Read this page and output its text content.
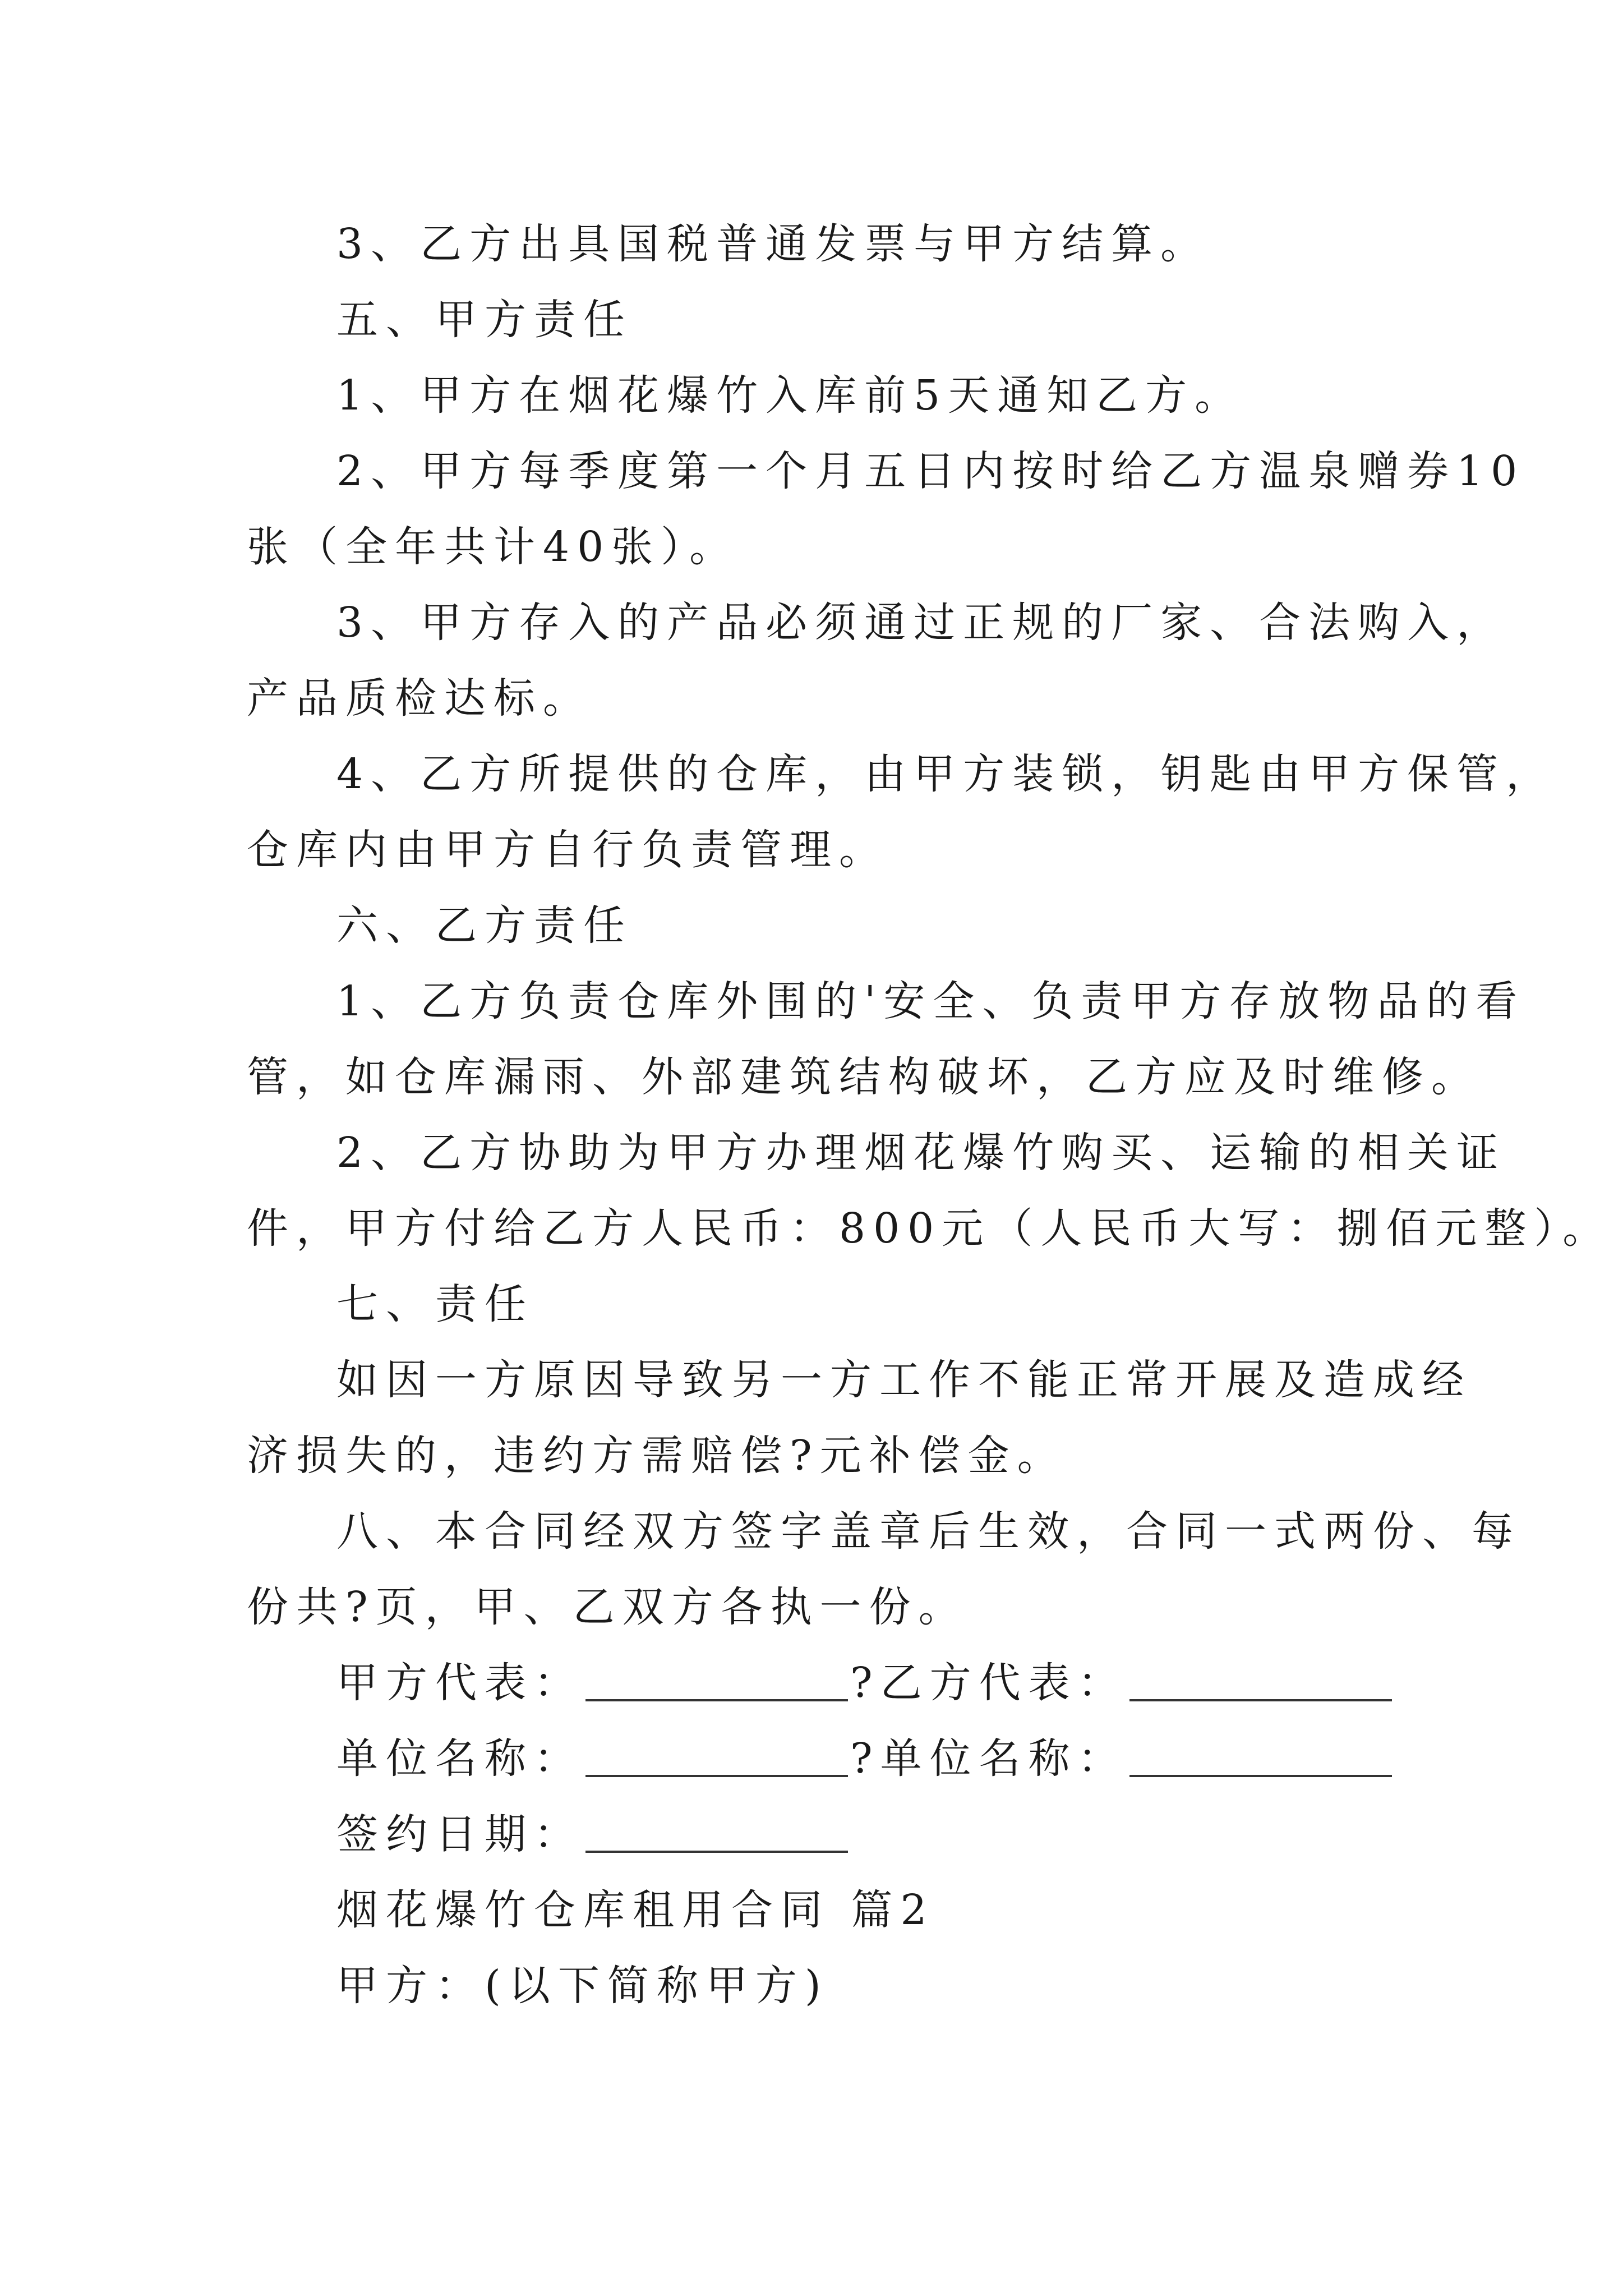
3、乙方出具国税普通发票与甲方结算。
五、甲方责任
1、甲方在烟花爆竹入库前5天通知乙方。
2、甲方每季度第一个月五日内按时给乙方温泉赠券10
张（全年共计40张）。
3、甲方存入的产品必须通过正规的厂家、合法购入，
产品质检达标。
4、乙方所提供的仓库，由甲方装锁，钥匙由甲方保管，
仓库内由甲方自行负责管理。
六、乙方责任
1、乙方负责仓库外围的'安全、负责甲方存放物品的看
管，如仓库漏雨、外部建筑结构破坏，乙方应及时维修。
2、乙方协助为甲方办理烟花爆竹购买、运输的相关证
件，甲方付给乙方人民币：800元（人民币大写：捌佰元整）。
七、责任
如因一方原因导致另一方工作不能正常开展及造成经
济损失的，违约方需赔偿?元补偿金。
八、本合同经双方签字盖章后生效，合同一式两份、每
份共?页，甲、乙双方各执一份。
甲方代表：	?乙方代表：
单位名称：	?单位名称：
签约日期：
烟花爆竹仓库租用合同 篇2
甲方：(以下简称甲方)
